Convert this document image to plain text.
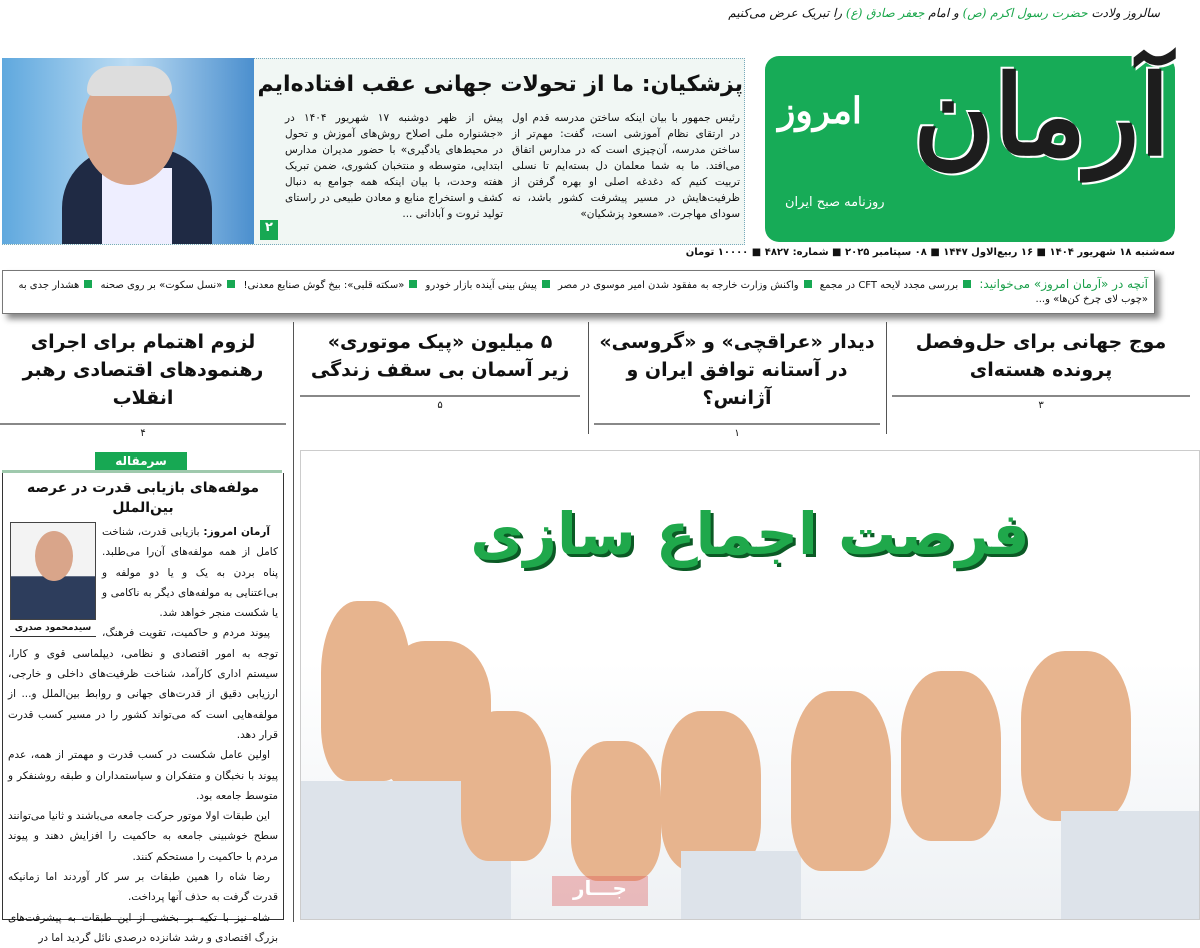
سالروز ولادت حضرت رسول اکرم (ص) و امام جعفر صادق (ع) را تبریک عرض می‌کنیم
امروز آرمان
روزنامه صبح ایران
سه‌شنبه ۱۸ شهریور ۱۴۰۴ ■ ۱۶ ربیع‌الاول ۱۴۴۷ ■ ۰۸ سپتامبر ۲۰۲۵ ■ شماره: ۴۸۲۷ ■ ۱۰۰۰۰ تومان
پزشکیان: ما از تحولات جهانی عقب افتاده‌ایم
رئیس جمهور با بیان اینکه ساختن مدرسه قدم اول در ارتقای نظام آموزشی است، گفت: مهم‌تر از ساختن مدرسه، آن‌چیزی است که در مدارس اتفاق می‌افتد. ما به شما معلمان دل بسته‌ایم تا نسلی تربیت کنیم که دغدغه اصلی او بهره گرفتن از ظرفیت‌هایش در مسیر پیشرفت کشور باشد، نه سودای مهاجرت. «مسعود پزشکیان»
پیش از ظهر دوشنبه ۱۷ شهریور ۱۴۰۴ در «جشنواره ملی اصلاح روش‌های آموزش و تحول در محیط‌های یادگیری» با حضور مدیران مدارس ابتدایی، متوسطه و منتخبان کشوری، ضمن تبریک هفته وحدت، با بیان اینکه همه جوامع به دنبال کشف و استخراج منابع و معادن طبیعی در راستای تولید ثروت و آبادانی ...
۲
آنچه در «آرمان امروز» می‌خوانید: بررسی مجدد لایحه CFT در مجمع واکنش وزارت خارجه به مفقود شدن امیر موسوی در مصر پیش بینی آینده بازار خودرو «سکته قلبی»: بیخ گوش صنایع معدنی! «نسل سکوت» بر روی صحنه هشدار جدی به «چوب لای چرخ کن‌ها» و...
موج جهانی برای حل‌وفصل
پرونده هسته‌ای
۳
دیدار «عراقچی» و «گروسی»
در آستانه توافق ایران و آژانس؟
۱
۵ میلیون «پیک موتوری»
زیر آسمان بی سقف زندگی
۵
لزوم اهتمام برای اجرای
رهنمودهای اقتصادی رهبر انقلاب
۴
سرمقاله
مولفه‌های بازیابی قدرت در عرصه بین‌الملل
سیدمحمود صدری

آرمان امروز: بازیابی قدرت، شناخت کامل از همه مولفه‌های آن‌را می‌طلبد. پناه بردن به یک و یا دو مولفه و بی‌اعتنایی به مولفه‌های دیگر به ناکامی و یا شکست منجر خواهد شد.

پیوند مردم و حاکمیت، تقویت فرهنگ، توجه به امور اقتصادی و نظامی، دیپلماسی قوی و کارا، سیستم اداری کارآمد، شناخت ظرفیت‌های داخلی و خارجی، ارزیابی دقیق از قدرت‌های جهانی و روابط بین‌الملل و... از مولفه‌هایی است که می‌تواند کشور را در مسیر کسب قدرت قرار دهد.

اولین عامل شکست در کسب قدرت و مهمتر از همه، عدم پیوند با نخبگان و متفکران و سیاستمداران و طبقه روشنفکر و متوسط جامعه بود.

این طبقات اولا موتور حرکت جامعه می‌باشند و ثانیا می‌توانند سطح خوشبینی جامعه به حاکمیت را افزایش دهند و پیوند مردم با حاکمیت را مستحکم کنند.

رضا شاه را همین طبقات بر سر کار آوردند اما زمانیکه قدرت گرفت به حذف آنها پرداخت.

شاه نیز با تکیه بر بخشی از این طبقات به پیشرفت‌های بزرگ اقتصادی و رشد شانزده درصدی نائل گردید اما در

فرصت اجماع سازی
جـــار
